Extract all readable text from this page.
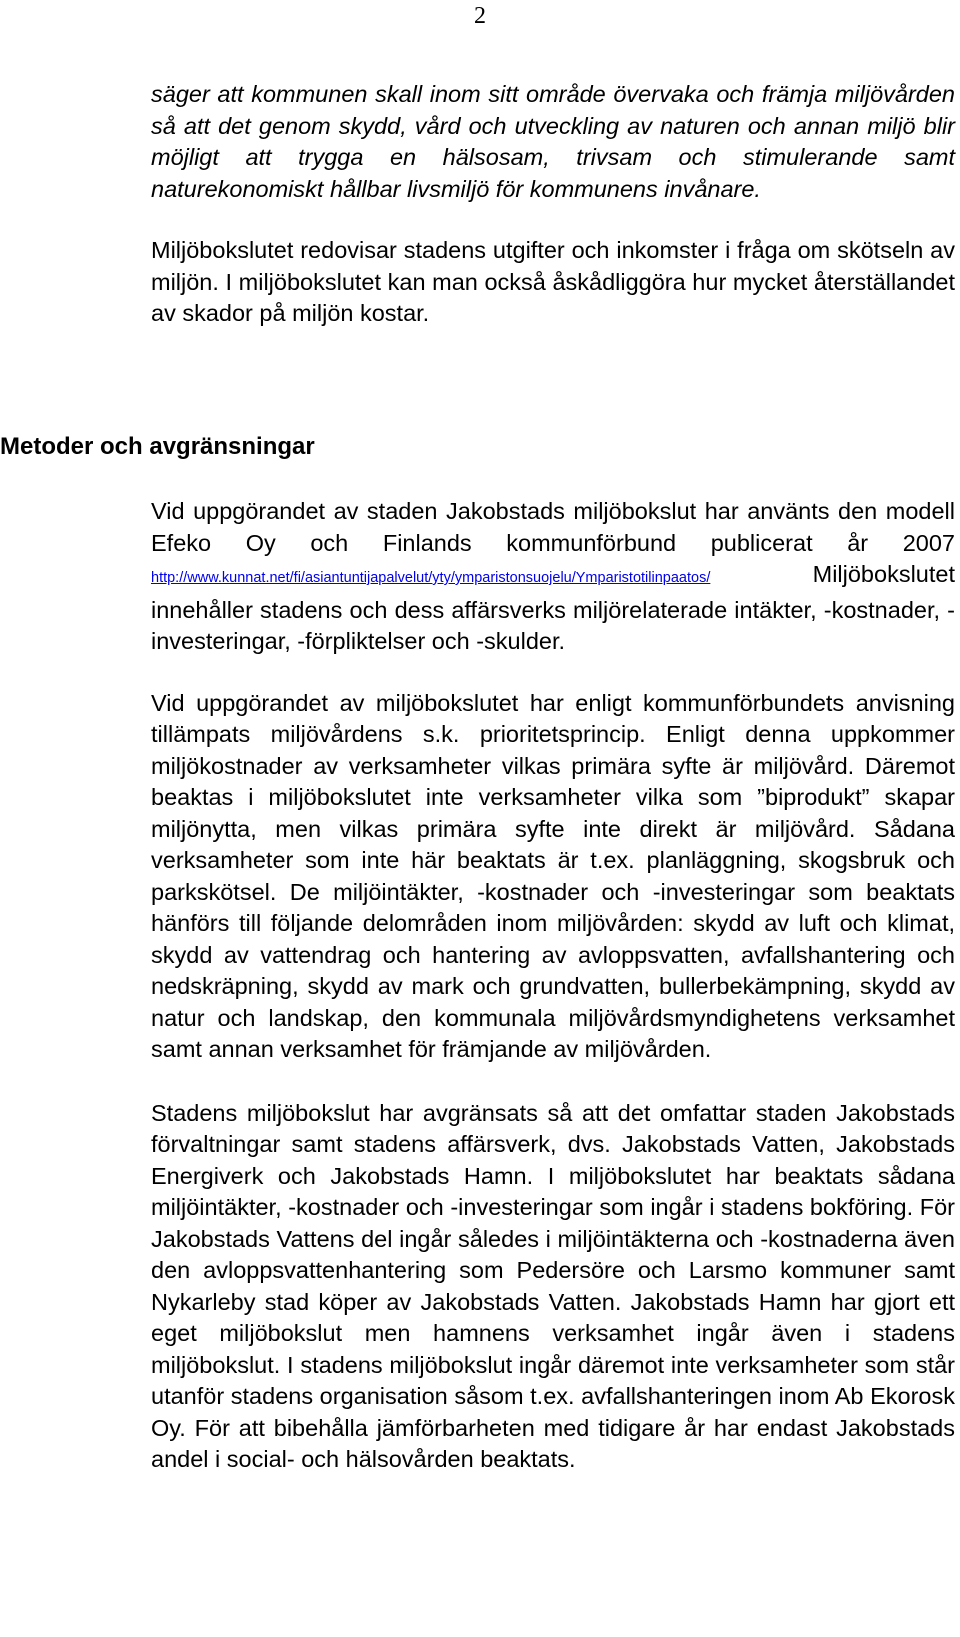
2

säger att kommunen skall inom sitt område övervaka och främja miljövården så att det genom skydd, vård och utveckling av naturen och annan miljö blir möjligt att trygga en hälsosam, trivsam och stimulerande samt naturekonomiskt hållbar livsmiljö för kommunens invånare.

Miljöbokslutet redovisar stadens utgifter och inkomster i fråga om skötseln av miljön. I miljöbokslutet kan man också åskådliggöra hur mycket återställandet av skador på miljön kostar.

Metoder och avgränsningar

Vid uppgörandet av staden Jakobstads miljöbokslut har använts den modell Efeko Oy och Finlands kommunförbund publicerat år 2007 http://www.kunnat.net/fi/asiantuntijapalvelut/yty/ymparistonsuojelu/Ymparistotilinpaatos/ Miljöbokslutet innehåller stadens och dess affärsverks miljörelaterade intäkter, -kostnader, -investeringar, -förpliktelser och -skulder.

Vid uppgörandet av miljöbokslutet har enligt kommunförbundets anvisning tillämpats miljövårdens s.k. prioritetsprincip. Enligt denna uppkommer miljökostnader av verksamheter vilkas primära syfte är miljövård. Däremot beaktas i miljöbokslutet inte verksamheter vilka som ”biprodukt” skapar miljönytta, men vilkas primära syfte inte direkt är miljövård. Sådana verksamheter som inte här beaktats är t.ex. planläggning, skogsbruk och parkskötsel. De miljöintäkter, -kostnader och -investeringar som beaktats hänförs till följande delområden inom miljövården: skydd av luft och klimat, skydd av vattendrag och hantering av avloppsvatten, avfallshantering och nedskräpning, skydd av mark och grundvatten, bullerbekämpning, skydd av natur och landskap, den kommunala miljövårdsmyndighetens verksamhet samt annan verksamhet för främjande av miljövården.

Stadens miljöbokslut har avgränsats så att det omfattar staden Jakobstads förvaltningar samt stadens affärsverk, dvs. Jakobstads Vatten, Jakobstads Energiverk och Jakobstads Hamn. I miljöbokslutet har beaktats sådana miljöintäkter, -kostnader och -investeringar som ingår i stadens bokföring. För Jakobstads Vattens del ingår således i miljöintäkterna och -kostnaderna även den avloppsvattenhantering som Pedersöre och Larsmo kommuner samt Nykarleby stad köper av Jakobstads Vatten. Jakobstads Hamn har gjort ett eget miljöbokslut men hamnens verksamhet ingår även i stadens miljöbokslut. I stadens miljöbokslut ingår däremot inte verksamheter som står utanför stadens organisation såsom t.ex. avfallshanteringen inom Ab Ekorosk Oy. För att bibehålla jämförbarheten med tidigare år har endast Jakobstads andel i social- och hälsovården beaktats.
